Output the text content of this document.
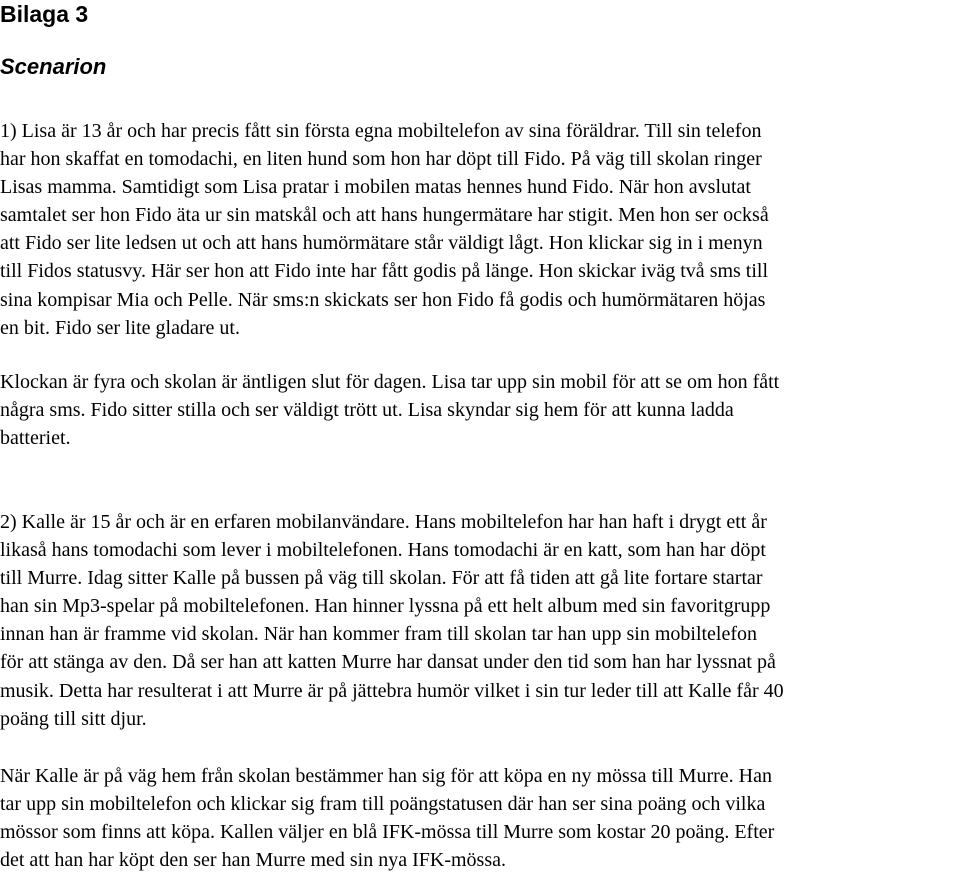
Bilaga 3
Scenarion

1) Lisa är 13 år och har precis fått sin första egna mobiltelefon av sina föräldrar. Till sin telefon
har hon skaffat en tomodachi, en liten hund som hon har döpt till Fido. På väg till skolan ringer
Lisas mamma. Samtidigt som Lisa pratar i mobilen matas hennes hund Fido. När hon avslutat
samtalet ser hon Fido äta ur sin matskål och att hans hungermätare har stigit. Men hon ser också
att Fido ser lite ledsen ut och att hans humörmätare står väldigt lågt. Hon klickar sig in i menyn
till Fidos statusvy. Här ser hon att Fido inte har fått godis på länge. Hon skickar iväg två sms till
sina kompisar Mia och Pelle. När sms:n skickats ser hon Fido få godis och humörmätaren höjas
en bit. Fido ser lite gladare ut.

Klockan är fyra och skolan är äntligen slut för dagen. Lisa tar upp sin mobil för att se om hon fått
några sms. Fido sitter stilla och ser väldigt trött ut. Lisa skyndar sig hem för att kunna ladda
batteriet.

2) Kalle är 15 år och är en erfaren mobilanvändare. Hans mobiltelefon har han haft i drygt ett år
likaså hans tomodachi som lever i mobiltelefonen. Hans tomodachi är en katt, som han har döpt
till Murre. Idag sitter Kalle på bussen på väg till skolan. För att få tiden att gå lite fortare startar
han sin Mp3-spelar på mobiltelefonen. Han hinner lyssna på ett helt album med sin favoritgrupp
innan han är framme vid skolan. När han kommer fram till skolan tar han upp sin mobiltelefon
för att stänga av den. Då ser han att katten Murre har dansat under den tid som han har lyssnat på
musik. Detta har resulterat i att Murre är på jättebra humör vilket i sin tur leder till att Kalle får 40
poäng till sitt djur.

När Kalle är på väg hem från skolan bestämmer han sig för att köpa en ny mössa till Murre. Han
tar upp sin mobiltelefon och klickar sig fram till poängstatusen där han ser sina poäng och vilka
mössor som finns att köpa. Kallen väljer en blå IFK-mössa till Murre som kostar 20 poäng. Efter
det att han har köpt den ser han Murre med sin nya IFK-mössa.
